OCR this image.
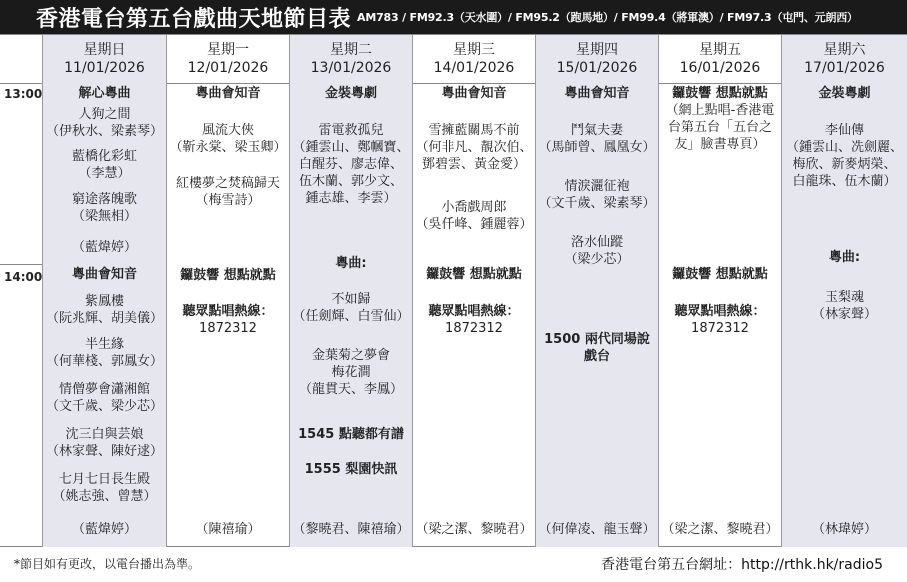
香港電台第五台戲曲天地節目表 AM783 / FM92.3（天水圍）/ FM95.2（跑馬地）/ FM99.4（將軍澳）/ FM97.3（屯門、元朗西）
13:00
14:00
星期日
11/01/2026
解心粵曲
人狗之間
（伊秋水、梁素琴）
藍橋化彩虹
（李慧）
窮途落魄歌
（梁無相）
（藍煒婷）
粵曲會知音
紫鳳樓
（阮兆輝、胡美儀）
半生緣
（何華棧、郭鳳女）
情僧夢會瀟湘館
（文千歲、梁少芯）
沈三白與芸娘
（林家聲、陳好逑）
七月七日長生殿
（姚志強、曾慧）
（藍煒婷）
星期一
12/01/2026
粵曲會知音
風流大俠
（靳永棠、梁玉卿）
紅樓夢之焚稿歸天
（梅雪詩）
鑼鼓響 想點就點
聽眾點唱熱線：
1872312
（陳禧瑜）
星期二
13/01/2026
金裝粵劇
雷電救孤兒
（鍾雲山、鄭幗寶、
白醒芬、廖志偉、
伍木蘭、郭少文、
鍾志雄、李雲）
粵曲:
不如歸
（任劍輝、白雪仙）
金葉菊之夢會
梅花澗
（龍貫天、李鳳）
1545 點聽都有譜
1555 梨園快訊
（黎曉君、陳禧瑜）
星期三
14/01/2026
粵曲會知音
雪擁藍關馬不前
（何非凡、靚次伯、
鄧碧雲、黃金愛）
小喬戲周郎
（吳仟峰、鍾麗蓉）
鑼鼓響 想點就點
聽眾點唱熱線：
1872312
（梁之潔、黎曉君）
星期四
15/01/2026
粵曲會知音
鬥氣夫妻
（馬師曾、鳳凰女）
情淚灑征袍
（文千歲、梁素琴）
洛水仙蹤
（梁少芯）
1500 兩代同場說
戲台
（何偉凌、龍玉聲）
星期五
16/01/2026
鑼鼓響 想點就點
（網上點唱-香港電
台第五台「五台之
友」臉書專頁）
鑼鼓響 想點就點
聽眾點唱熱線：
1872312
（梁之潔、黎曉君）
星期六
17/01/2026
金裝粵劇
李仙傳
（鍾雲山、冼劍麗、
梅欣、新麥炳榮、
白龍珠、伍木蘭）
粵曲:
玉梨魂
（林家聲）
（林瑋婷）
*節目如有更改，以電台播出為準。	香港電台第五台網址：http://rthk.hk/radio5
